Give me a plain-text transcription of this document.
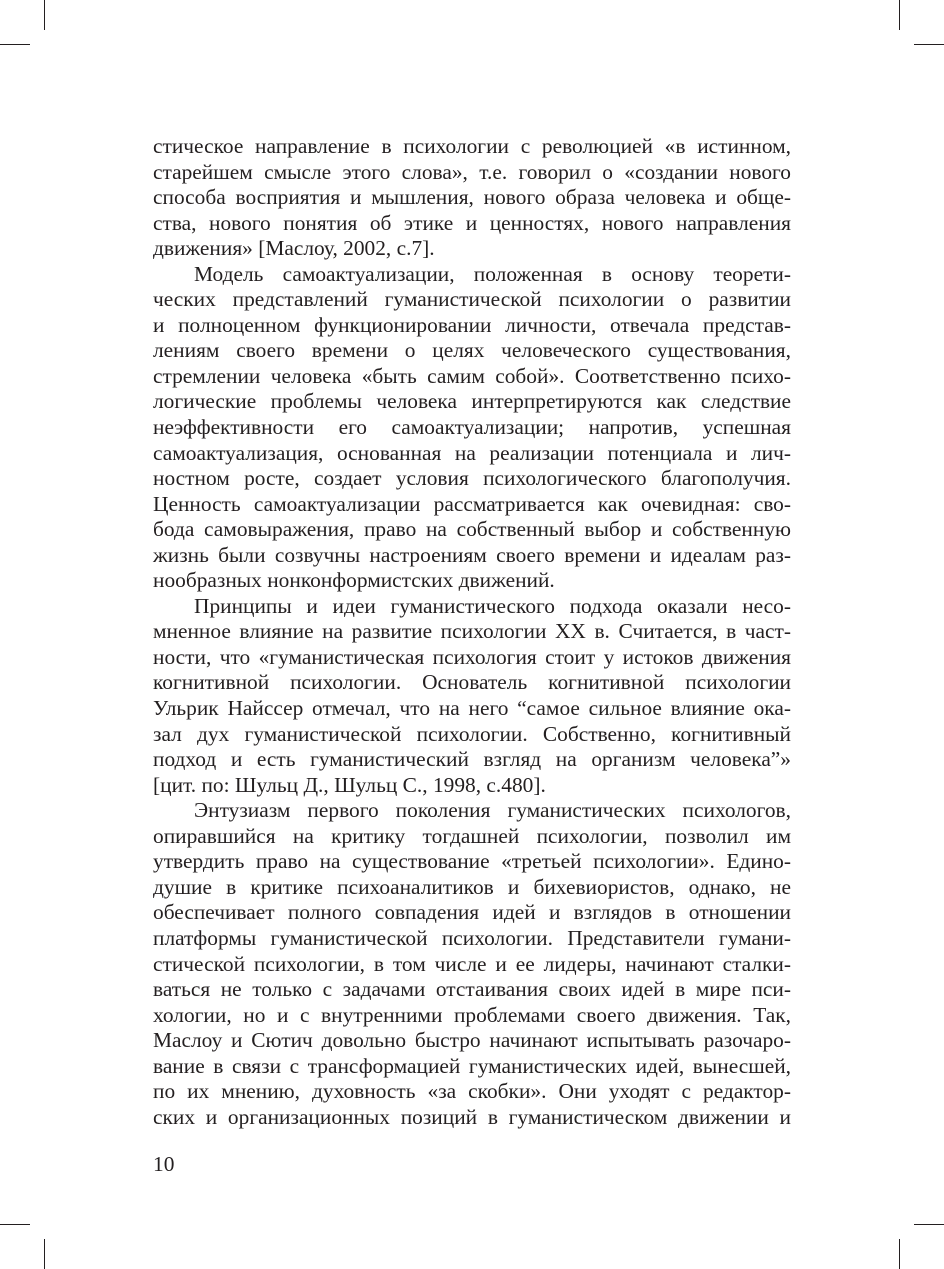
стическое направление в психологии с революцией «в истинном,
старейшем смысле этого слова», т.е. говорил о «создании нового
способа восприятия и мышления, нового образа человека и обще-
ства, нового понятия об этике и ценностях, нового направления
движения» [Маслоу, 2002, с.7].
Модель самоактуализации, положенная в основу теорети-
ческих представлений гуманистической психологии о развитии
и полноценном функционировании личности, отвечала представ-
лениям своего времени о целях человеческого существования,
стремлении человека «быть самим собой». Соответственно психо-
логические проблемы человека интерпретируются как следствие
неэффективности его самоактуализации; напротив, успешная
самоактуализация, основанная на реализации потенциала и лич-
ностном росте, создает условия психологического благополучия.
Ценность самоактуализации рассматривается как очевидная: сво-
бода самовыражения, право на собственный выбор и собственную
жизнь были созвучны настроениям своего времени и идеалам раз-
нообразных нонконформистских движений.
Принципы и идеи гуманистического подхода оказали несо-
мненное влияние на развитие психологии XX в. Считается, в част-
ности, что «гуманистическая психология стоит у истоков движения
когнитивной психологии. Основатель когнитивной психологии
Ульрик Найссер отмечал, что на него “самое сильное влияние ока-
зал дух гуманистической психологии. Собственно, когнитивный
подход и есть гуманистический взгляд на организм человека”»
[цит. по: Шульц Д., Шульц С., 1998, с.480].
Энтузиазм первого поколения гуманистических психологов,
опиравшийся на критику тогдашней психологии, позволил им
утвердить право на существование «третьей психологии». Едино-
душие в критике психоаналитиков и бихевиористов, однако, не
обеспечивает полного совпадения идей и взглядов в отношении
платформы гуманистической психологии. Представители гумани-
стической психологии, в том числе и ее лидеры, начинают сталки-
ваться не только с задачами отстаивания своих идей в мире пси-
хологии, но и с внутренними проблемами своего движения. Так,
Маслоу и Сютич довольно быстро начинают испытывать разочаро-
вание в связи с трансформацией гуманистических идей, вынесшей,
по их мнению, духовность «за скобки». Они уходят с редактор-
ских и организационных позиций в гуманистическом движении и
10
